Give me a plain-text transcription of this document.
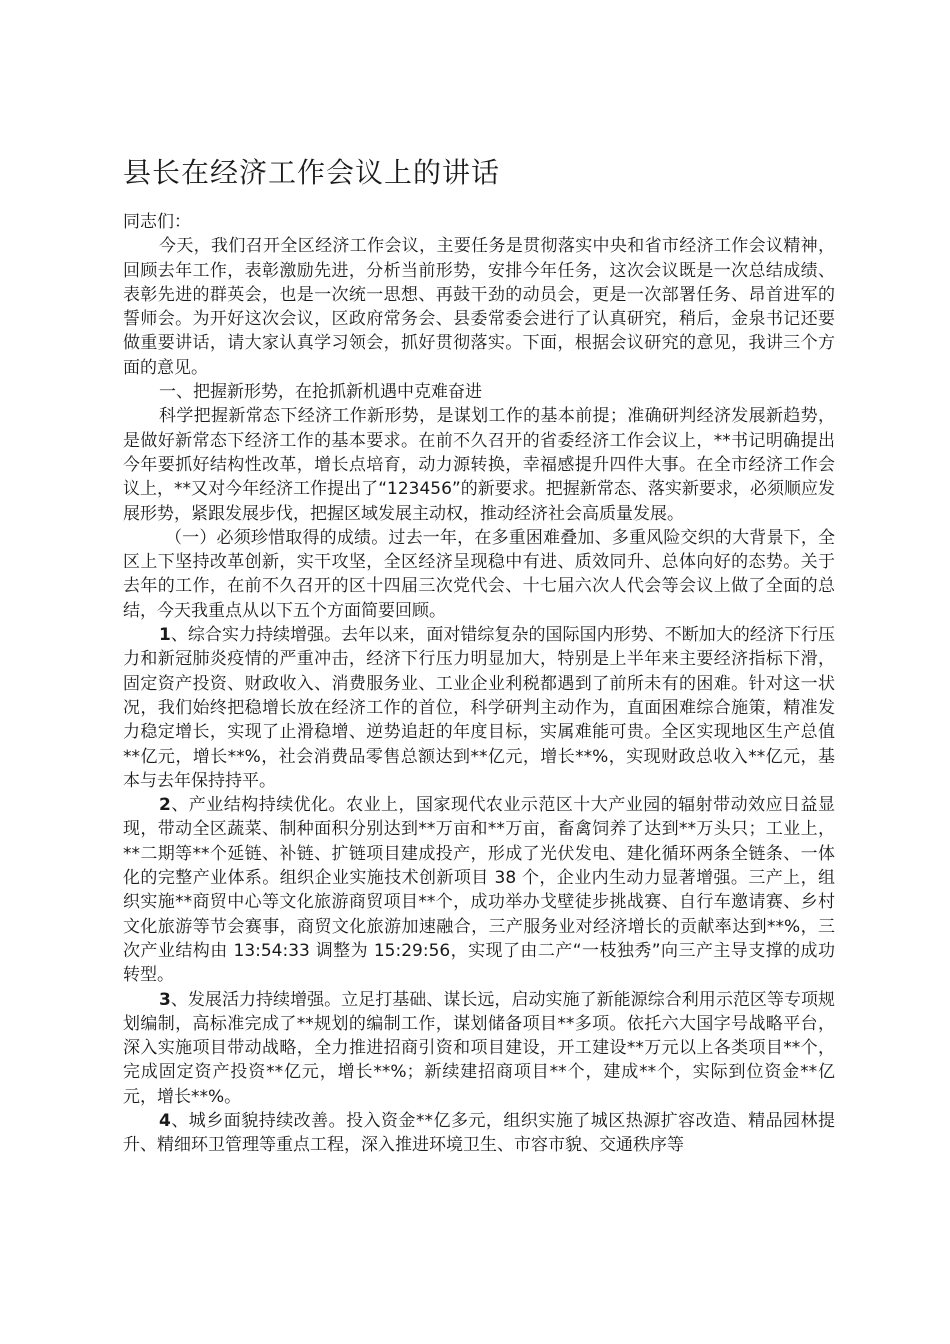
县长在经济工作会议上的讲话

同志们：

今天，我们召开全区经济工作会议，主要任务是贯彻落实中央和省市经济工作会议精神，回顾去年工作，表彰激励先进，分析当前形势，安排今年任务，这次会议既是一次总结成绩、表彰先进的群英会，也是一次统一思想、再鼓干劲的动员会，更是一次部署任务、昂首进军的誓师会。为开好这次会议，区政府常务会、县委常委会进行了认真研究，稍后，金泉书记还要做重要讲话，请大家认真学习领会，抓好贯彻落实。下面，根据会议研究的意见，我讲三个方面的意见。

一、把握新形势，在抢抓新机遇中克难奋进

科学把握新常态下经济工作新形势，是谋划工作的基本前提；准确研判经济发展新趋势，是做好新常态下经济工作的基本要求。在前不久召开的省委经济工作会议上，**书记明确提出今年要抓好结构性改革，增长点培育，动力源转换，幸福感提升四件大事。在全市经济工作会议上，**又对今年经济工作提出了“123456”的新要求。把握新常态、落实新要求，必须顺应发展形势，紧跟发展步伐，把握区域发展主动权，推动经济社会高质量发展。

（一）必须珍惜取得的成绩。过去一年，在多重困难叠加、多重风险交织的大背景下，全区上下坚持改革创新，实干攻坚，全区经济呈现稳中有进、质效同升、总体向好的态势。关于去年的工作，在前不久召开的区十四届三次党代会、十七届六次人代会等会议上做了全面的总结，今天我重点从以下五个方面简要回顾。

1、综合实力持续增强。去年以来，面对错综复杂的国际国内形势、不断加大的经济下行压力和新冠肺炎疫情的严重冲击，经济下行压力明显加大，特别是上半年来主要经济指标下滑，固定资产投资、财政收入、消费服务业、工业企业利税都遇到了前所未有的困难。针对这一状况，我们始终把稳增长放在经济工作的首位，科学研判主动作为，直面困难综合施策，精准发力稳定增长，实现了止滑稳增、逆势追赶的年度目标，实属难能可贵。全区实现地区生产总值**亿元，增长**%，社会消费品零售总额达到**亿元，增长**%，实现财政总收入**亿元，基本与去年保持持平。

2、产业结构持续优化。农业上，国家现代农业示范区十大产业园的辐射带动效应日益显现，带动全区蔬菜、制种面积分别达到**万亩和**万亩，畜禽饲养了达到**万头只；工业上，**二期等**个延链、补链、扩链项目建成投产，形成了光伏发电、建化循环两条全链条、一体化的完整产业体系。组织企业实施技术创新项目 38 个，企业内生动力显著增强。三产上，组织实施**商贸中心等文化旅游商贸项目**个，成功举办戈壁徒步挑战赛、自行车邀请赛、乡村文化旅游等节会赛事，商贸文化旅游加速融合，三产服务业对经济增长的贡献率达到**%，三次产业结构由 13:54:33 调整为 15:29:56，实现了由二产“一枝独秀”向三产主导支撑的成功转型。

3、发展活力持续增强。立足打基础、谋长远，启动实施了新能源综合利用示范区等专项规划编制，高标准完成了**规划的编制工作，谋划储备项目**多项。依托六大国字号战略平台，深入实施项目带动战略，全力推进招商引资和项目建设，开工建设**万元以上各类项目**个，完成固定资产投资**亿元，增长**%；新续建招商项目**个，建成**个，实际到位资金**亿元，增长**%。

4、城乡面貌持续改善。投入资金**亿多元，组织实施了城区热源扩容改造、精品园林提升、精细环卫管理等重点工程，深入推进环境卫生、市容市貌、交通秩序等
